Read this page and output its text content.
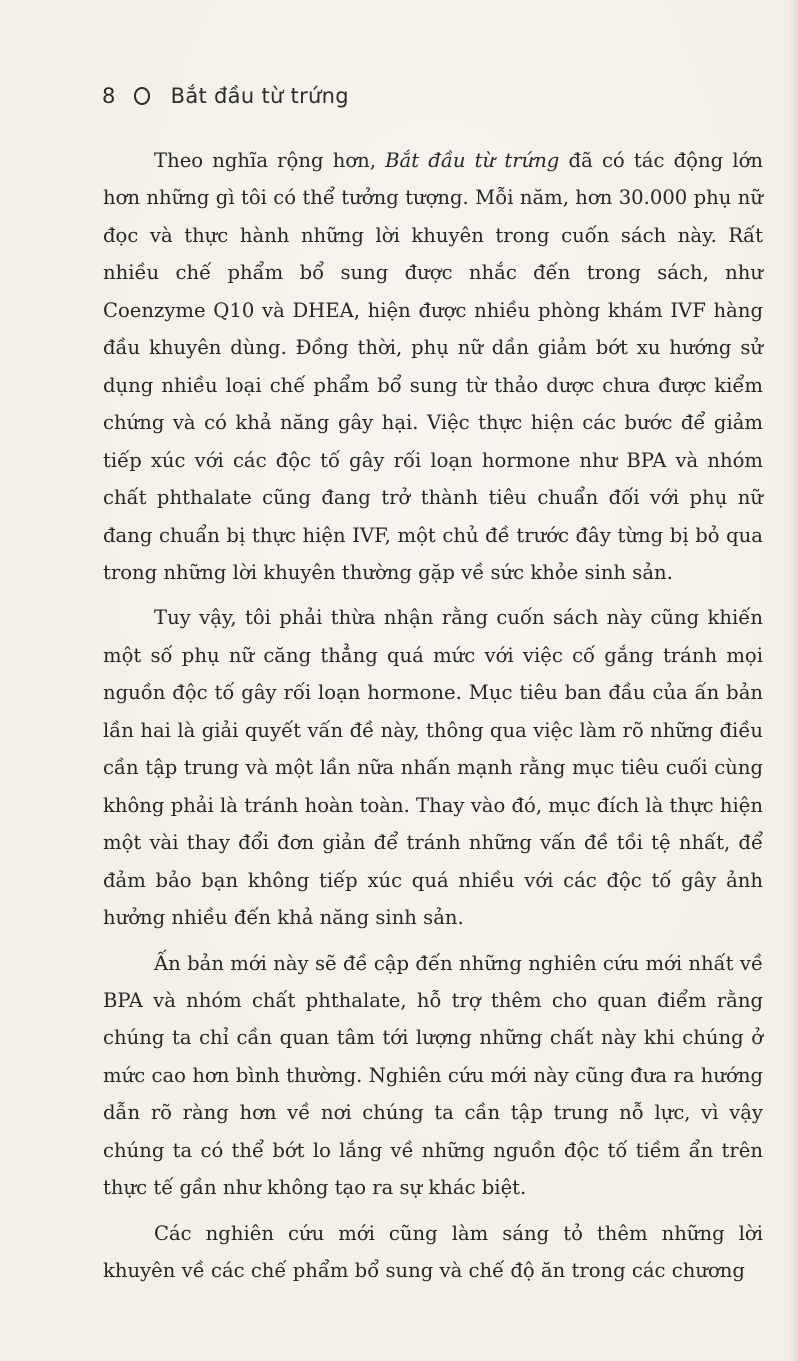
8	Bắt đầu từ trứng

Theo nghĩa rộng hơn, Bắt đầu từ trứng đã có tác động lớn hơn những gì tôi có thể tưởng tượng. Mỗi năm, hơn 30.000 phụ nữ đọc và thực hành những lời khuyên trong cuốn sách này. Rất nhiều chế phẩm bổ sung được nhắc đến trong sách, như Coenzyme Q10 và DHEA, hiện được nhiều phòng khám IVF hàng đầu khuyên dùng. Đồng thời, phụ nữ dần giảm bớt xu hướng sử dụng nhiều loại chế phẩm bổ sung từ thảo dược chưa được kiểm chứng và có khả năng gây hại. Việc thực hiện các bước để giảm tiếp xúc với các độc tố gây rối loạn hormone như BPA và nhóm chất phthalate cũng đang trở thành tiêu chuẩn đối với phụ nữ đang chuẩn bị thực hiện IVF, một chủ đề trước đây từng bị bỏ qua trong những lời khuyên thường gặp về sức khỏe sinh sản.

Tuy vậy, tôi phải thừa nhận rằng cuốn sách này cũng khiến một số phụ nữ căng thẳng quá mức với việc cố gắng tránh mọi nguồn độc tố gây rối loạn hormone. Mục tiêu ban đầu của ấn bản lần hai là giải quyết vấn đề này, thông qua việc làm rõ những điều cần tập trung và một lần nữa nhấn mạnh rằng mục tiêu cuối cùng không phải là tránh hoàn toàn. Thay vào đó, mục đích là thực hiện một vài thay đổi đơn giản để tránh những vấn đề tồi tệ nhất, để đảm bảo bạn không tiếp xúc quá nhiều với các độc tố gây ảnh hưởng nhiều đến khả năng sinh sản.

Ấn bản mới này sẽ đề cập đến những nghiên cứu mới nhất về BPA và nhóm chất phthalate, hỗ trợ thêm cho quan điểm rằng chúng ta chỉ cần quan tâm tới lượng những chất này khi chúng ở mức cao hơn bình thường. Nghiên cứu mới này cũng đưa ra hướng dẫn rõ ràng hơn về nơi chúng ta cần tập trung nỗ lực, vì vậy chúng ta có thể bớt lo lắng về những nguồn độc tố tiềm ẩn trên thực tế gần như không tạo ra sự khác biệt.

Các nghiên cứu mới cũng làm sáng tỏ thêm những lời khuyên về các chế phẩm bổ sung và chế độ ăn trong các chương
